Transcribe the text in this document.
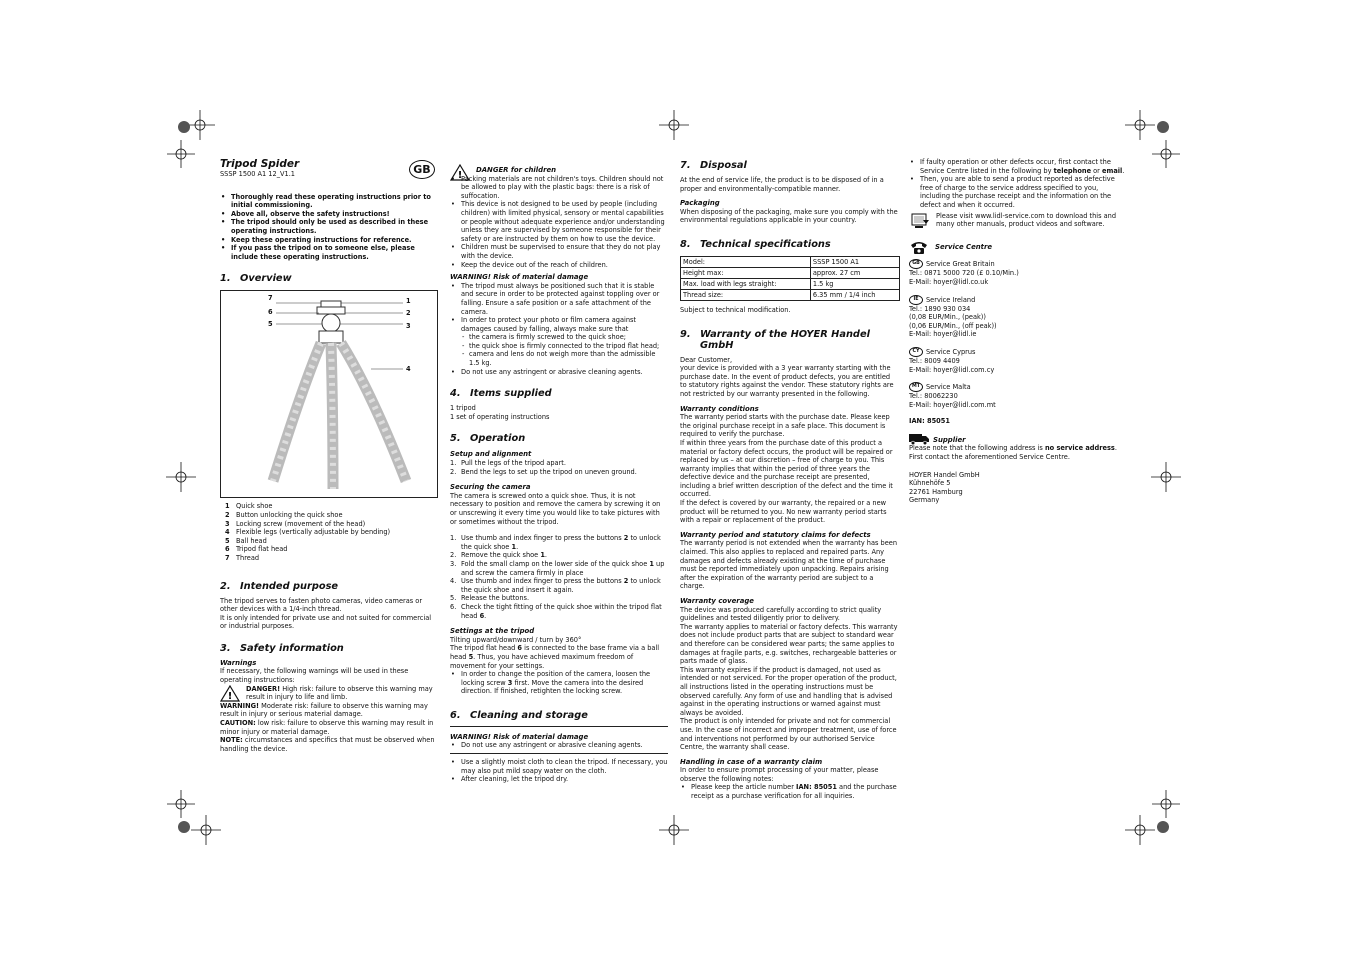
GB
Tripod Spider

SSSP 1500 A1 12_V1.1

• Thoroughly read these operating instructions prior to initial commissioning.
• Above all, observe the safety instructions!
• The tripod should only be used as described in these operating instructions.
• Keep these operating instructions for reference.
• If you pass the tripod on to someone else, please include these operating instructions.
1. Overview
7
6
5
1
2
3
4
1 Quick shoe
2 Button unlocking the quick shoe
3 Locking screw (movement of the head)
4 Flexible legs (vertically adjustable by bending)
5 Ball head
6 Tripod flat head
7 Thread
2. Intended purpose

The tripod serves to fasten photo cameras, video cameras or other devices with a 1/4-inch thread.

It is only intended for private use and not suited for commercial or industrial purposes.

3. Safety information
Warnings

If necessary, the following warnings will be used in these operating instructions:

!
DANGER! High risk: failure to observe this warning may result in injury to life and limb.

WARNING! Moderate risk: failure to observe this warning may result in injury or serious material damage.

CAUTION: low risk: failure to observe this warning may result in minor injury or material damage.

NOTE: circumstances and specifics that must be observed when handling the device.

! DANGER for children
• Packing materials are not children's toys. Children should not be allowed to play with the plastic bags: there is a risk of suffocation.
• This device is not designed to be used by people (including children) with limited physical, sensory or mental capabilities or people without adequate experience and/or understanding unless they are supervised by someone responsible for their safety or are instructed by them on how to use the device.
• Children must be supervised to ensure that they do not play with the device.
• Keep the device out of the reach of children.
WARNING! Risk of material damage
• The tripod must always be positioned such that it is stable and secure in order to be protected against toppling over or falling. Ensure a safe position or a safe attachment of the camera.
• In order to protect your photo or film camera against damages caused by falling, always make sure that
- the camera is firmly screwed to the quick shoe;
- the quick shoe is firmly connected to the tripod flat head;
- camera and lens do not weigh more than the admissible 1.5 kg.
• Do not use any astringent or abrasive cleaning agents.
4. Items supplied

1 tripod

1 set of operating instructions

5. Operation
Setup and alignment
1. Pull the legs of the tripod apart.
2. Bend the legs to set up the tripod on uneven ground.
Securing the camera

The camera is screwed onto a quick shoe. Thus, it is not necessary to position and remove the camera by screwing it on or unscrewing it every time you would like to take pictures with or sometimes without the tripod.

1. Use thumb and index finger to press the buttons 2 to unlock the quick shoe 1.
2. Remove the quick shoe 1.
3. Fold the small clamp on the lower side of the quick shoe 1 up and screw the camera firmly in place
4. Use thumb and index finger to press the buttons 2 to unlock the quick shoe and insert it again.
5. Release the buttons.
6. Check the tight fitting of the quick shoe within the tripod flat head 6.
Settings at the tripod

Tilting upward/downward / turn by 360°

The tripod flat head 6 is connected to the base frame via a ball head 5. Thus, you have achieved maximum freedom of movement for your settings.

• In order to change the position of the camera, loosen the locking screw 3 first. Move the camera into the desired direction. If finished, retighten the locking screw.
6. Cleaning and storage
WARNING! Risk of material damage
• Do not use any astringent or abrasive cleaning agents.
• Use a slightly moist cloth to clean the tripod. If necessary, you may also put mild soapy water on the cloth.
• After cleaning, let the tripod dry.
7. Disposal

At the end of service life, the product is to be disposed of in a proper and environmentally-compatible manner.

Packaging

When disposing of the packaging, make sure you comply with the environmental regulations applicable in your country.

8. Technical specifications
Model:	SSSP 1500 A1
Height max:	approx. 27 cm
Max. load with legs straight:	1.5 kg
Thread size:	6.35 mm / 1/4 inch

Subject to technical modification.

9. Warranty of the HOYER Handel GmbH

Dear Customer,

your device is provided with a 3 year warranty starting with the purchase date. In the event of product defects, you are entitled to statutory rights against the vendor. These statutory rights are not restricted by our warranty presented in the following.

Warranty conditions

The warranty period starts with the purchase date. Please keep the original purchase receipt in a safe place. This document is required to verify the purchase.

If within three years from the purchase date of this product a material or factory defect occurs, the product will be repaired or replaced by us – at our discretion – free of charge to you. This warranty implies that within the period of three years the defective device and the purchase receipt are presented, including a brief written description of the defect and the time it occurred.

If the defect is covered by our warranty, the repaired or a new product will be returned to you. No new warranty period starts with a repair or replacement of the product.

Warranty period and statutory claims for defects

The warranty period is not extended when the warranty has been claimed. This also applies to replaced and repaired parts. Any damages and defects already existing at the time of purchase must be reported immediately upon unpacking. Repairs arising after the expiration of the warranty period are subject to a charge.

Warranty coverage

The device was produced carefully according to strict quality guidelines and tested diligently prior to delivery.

The warranty applies to material or factory defects. This warranty does not include product parts that are subject to standard wear and therefore can be considered wear parts; the same applies to damages at fragile parts, e.g. switches, rechargeable batteries or parts made of glass.

This warranty expires if the product is damaged, not used as intended or not serviced. For the proper operation of the product, all instructions listed in the operating instructions must be observed carefully. Any form of use and handling that is advised against in the operating instructions or warned against must always be avoided.

The product is only intended for private and not for commercial use. In the case of incorrect and improper treatment, use of force and interventions not performed by our authorised Service Centre, the warranty shall cease.

Handling in case of a warranty claim

In order to ensure prompt processing of your matter, please observe the following notes:

• Please keep the article number IAN: 85051 and the purchase receipt as a purchase verification for all inquiries.
• If faulty operation or other defects occur, first contact the Service Centre listed in the following by telephone or email.
• Then, you are able to send a product reported as defective free of charge to the service address specified to you, including the purchase receipt and the information on the defect and when it occurred.
Please visit www.lidl-service.com to download this and many other manuals, product videos and software.
Service Centre
GB Service Great Britain
Tel.: 0871 5000 720 (£ 0.10/Min.)
E-Mail: hoyer@lidl.co.uk
IE Service Ireland
Tel.: 1890 930 034
(0,08 EUR/Min., (peak))
(0,06 EUR/Min., (off peak))
E-Mail: hoyer@lidl.ie
CY Service Cyprus
Tel.: 8009 4409
E-Mail: hoyer@lidl.com.cy
MT Service Malta
Tel.: 80062230
E-Mail: hoyer@lidl.com.mt

IAN: 85051

Supplier

Please note that the following address is no service address. First contact the aforementioned Service Centre.

HOYER Handel GmbH
Kühnehöfe 5
22761 Hamburg
Germany
